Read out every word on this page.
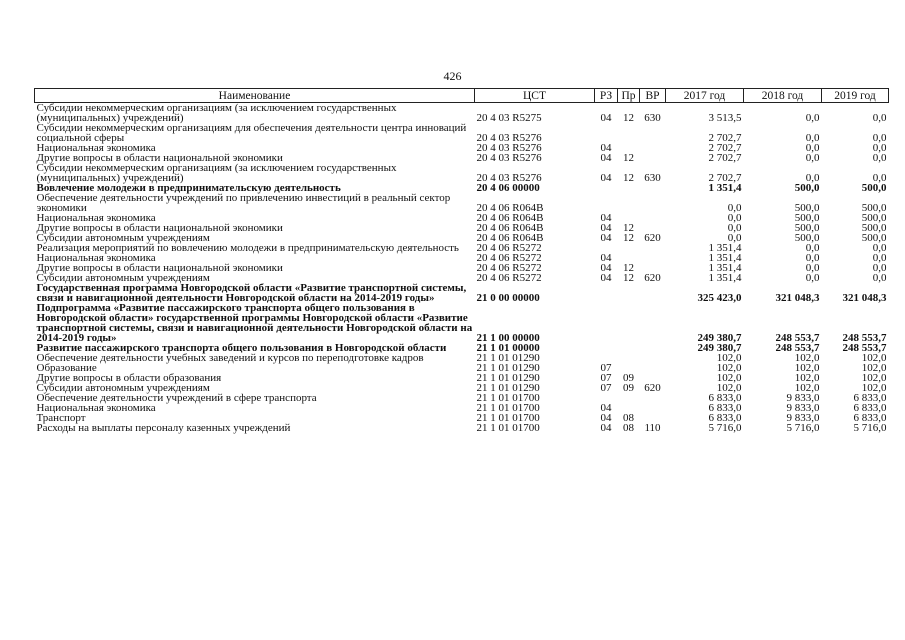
426
Наименование	ЦСТ	РЗ	Пр	ВР	2017 год	2018 год	2019 год
Субсидии некоммерческим организациям (за исключением государственных (муниципальных) учреждений)	20 4 03 R5275	04	12	630	3 513,5	0,0	0,0
Субсидии некоммерческим организациям для обеспечения деятельности центра инноваций социальной сферы	20 4 03 R5276				2 702,7	0,0	0,0
Национальная экономика	20 4 03 R5276	04			2 702,7	0,0	0,0
Другие вопросы в области национальной экономики	20 4 03 R5276	04	12		2 702,7	0,0	0,0
Субсидии некоммерческим организациям (за исключением государственных (муниципальных) учреждений)	20 4 03 R5276	04	12	630	2 702,7	0,0	0,0
Вовлечение молодежи в предпринимательскую деятельность	20 4 06 00000				1 351,4	500,0	500,0
Обеспечение деятельности учреждений по привлечению инвестиций в реальный сектор экономики	20 4 06 R064B				0,0	500,0	500,0
Национальная экономика	20 4 06 R064B	04			0,0	500,0	500,0
Другие вопросы в области национальной экономики	20 4 06 R064B	04	12		0,0	500,0	500,0
Субсидии автономным учреждениям	20 4 06 R064B	04	12	620	0,0	500,0	500,0
Реализация мероприятий по вовлечению молодежи в предпринимательскую деятельность	20 4 06 R5272				1 351,4	0,0	0,0
Национальная экономика	20 4 06 R5272	04			1 351,4	0,0	0,0
Другие вопросы в области национальной экономики	20 4 06 R5272	04	12		1 351,4	0,0	0,0
Субсидии автономным учреждениям	20 4 06 R5272	04	12	620	1 351,4	0,0	0,0
Государственная программа Новгородской области «Развитие транспортной системы, связи и навигационной деятельности Новгородской области на 2014-2019 годы»	21 0 00 00000				325 423,0	321 048,3	321 048,3
Подпрограмма «Развитие пассажирского транспорта общего пользования в Новгородской области» государственной программы Новгородской области «Развитие транспортной системы, связи и навигационной деятельности Новгородской области на 2014-2019 годы»	21 1 00 00000				249 380,7	248 553,7	248 553,7
Развитие пассажирского транспорта общего пользования в Новгородской области	21 1 01 00000				249 380,7	248 553,7	248 553,7
Обеспечение деятельности учебных заведений и курсов по переподготовке кадров	21 1 01 01290				102,0	102,0	102,0
Образование	21 1 01 01290	07			102,0	102,0	102,0
Другие вопросы в области образования	21 1 01 01290	07	09		102,0	102,0	102,0
Субсидии автономным учреждениям	21 1 01 01290	07	09	620	102,0	102,0	102,0
Обеспечение деятельности учреждений в сфере транспорта	21 1 01 01700				6 833,0	9 833,0	6 833,0
Национальная экономика	21 1 01 01700	04			6 833,0	9 833,0	6 833,0
Транспорт	21 1 01 01700	04	08		6 833,0	9 833,0	6 833,0
Расходы на выплаты персоналу казенных учреждений	21 1 01 01700	04	08	110	5 716,0	5 716,0	5 716,0
